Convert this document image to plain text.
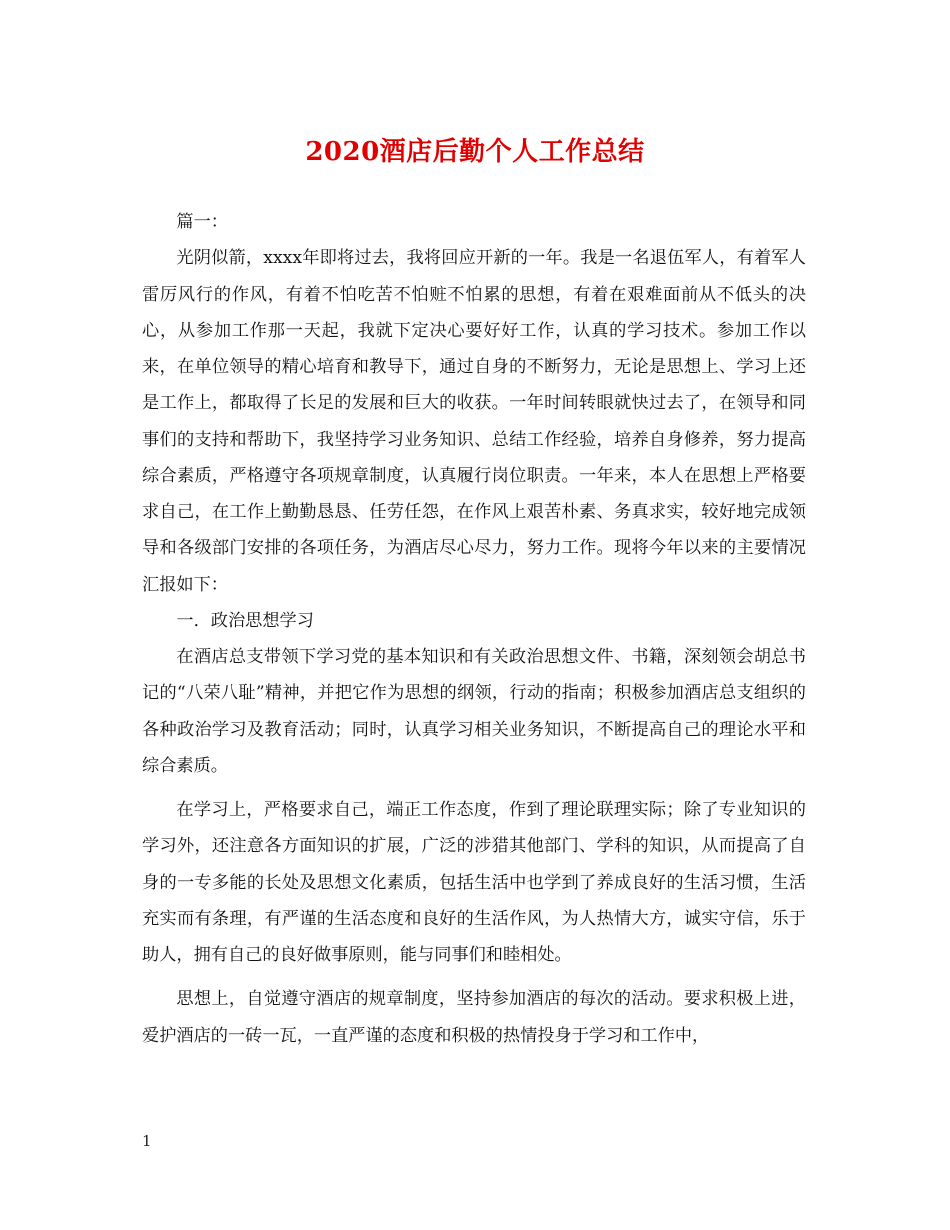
2020酒店后勤个人工作总结

篇一：

光阴似箭，xxxx年即将过去，我将回应开新的一年。我是一名退伍军人，有着军人雷厉风行的作风，有着不怕吃苦不怕赃不怕累的思想，有着在艰难面前从不低头的决心，从参加工作那一天起，我就下定决心要好好工作，认真的学习技术。参加工作以来，在单位领导的精心培育和教导下，通过自身的不断努力，无论是思想上、学习上还是工作上，都取得了长足的发展和巨大的收获。一年时间转眼就快过去了，在领导和同事们的支持和帮助下，我坚持学习业务知识、总结工作经验，培养自身修养，努力提高综合素质，严格遵守各项规章制度，认真履行岗位职责。一年来，本人在思想上严格要求自己，在工作上勤勤恳恳、任劳任怨，在作风上艰苦朴素、务真求实，较好地完成领导和各级部门安排的各项任务，为酒店尽心尽力，努力工作。现将今年以来的主要情况汇报如下：

一．政治思想学习

在酒店总支带领下学习党的基本知识和有关政治思想文件、书籍，深刻领会胡总书记的“八荣八耻”精神，并把它作为思想的纲领，行动的指南；积极参加酒店总支组织的各种政治学习及教育活动；同时，认真学习相关业务知识，不断提高自己的理论水平和综合素质。

在学习上，严格要求自己，端正工作态度，作到了理论联理实际；除了专业知识的学习外，还注意各方面知识的扩展，广泛的涉猎其他部门、学科的知识，从而提高了自身的一专多能的长处及思想文化素质，包括生活中也学到了养成良好的生活习惯，生活充实而有条理，有严谨的生活态度和良好的生活作风，为人热情大方，诚实守信，乐于助人，拥有自己的良好做事原则，能与同事们和睦相处。

思想上，自觉遵守酒店的规章制度，坚持参加酒店的每次的活动。要求积极上进，爱护酒店的一砖一瓦，一直严谨的态度和积极的热情投身于学习和工作中，

1
